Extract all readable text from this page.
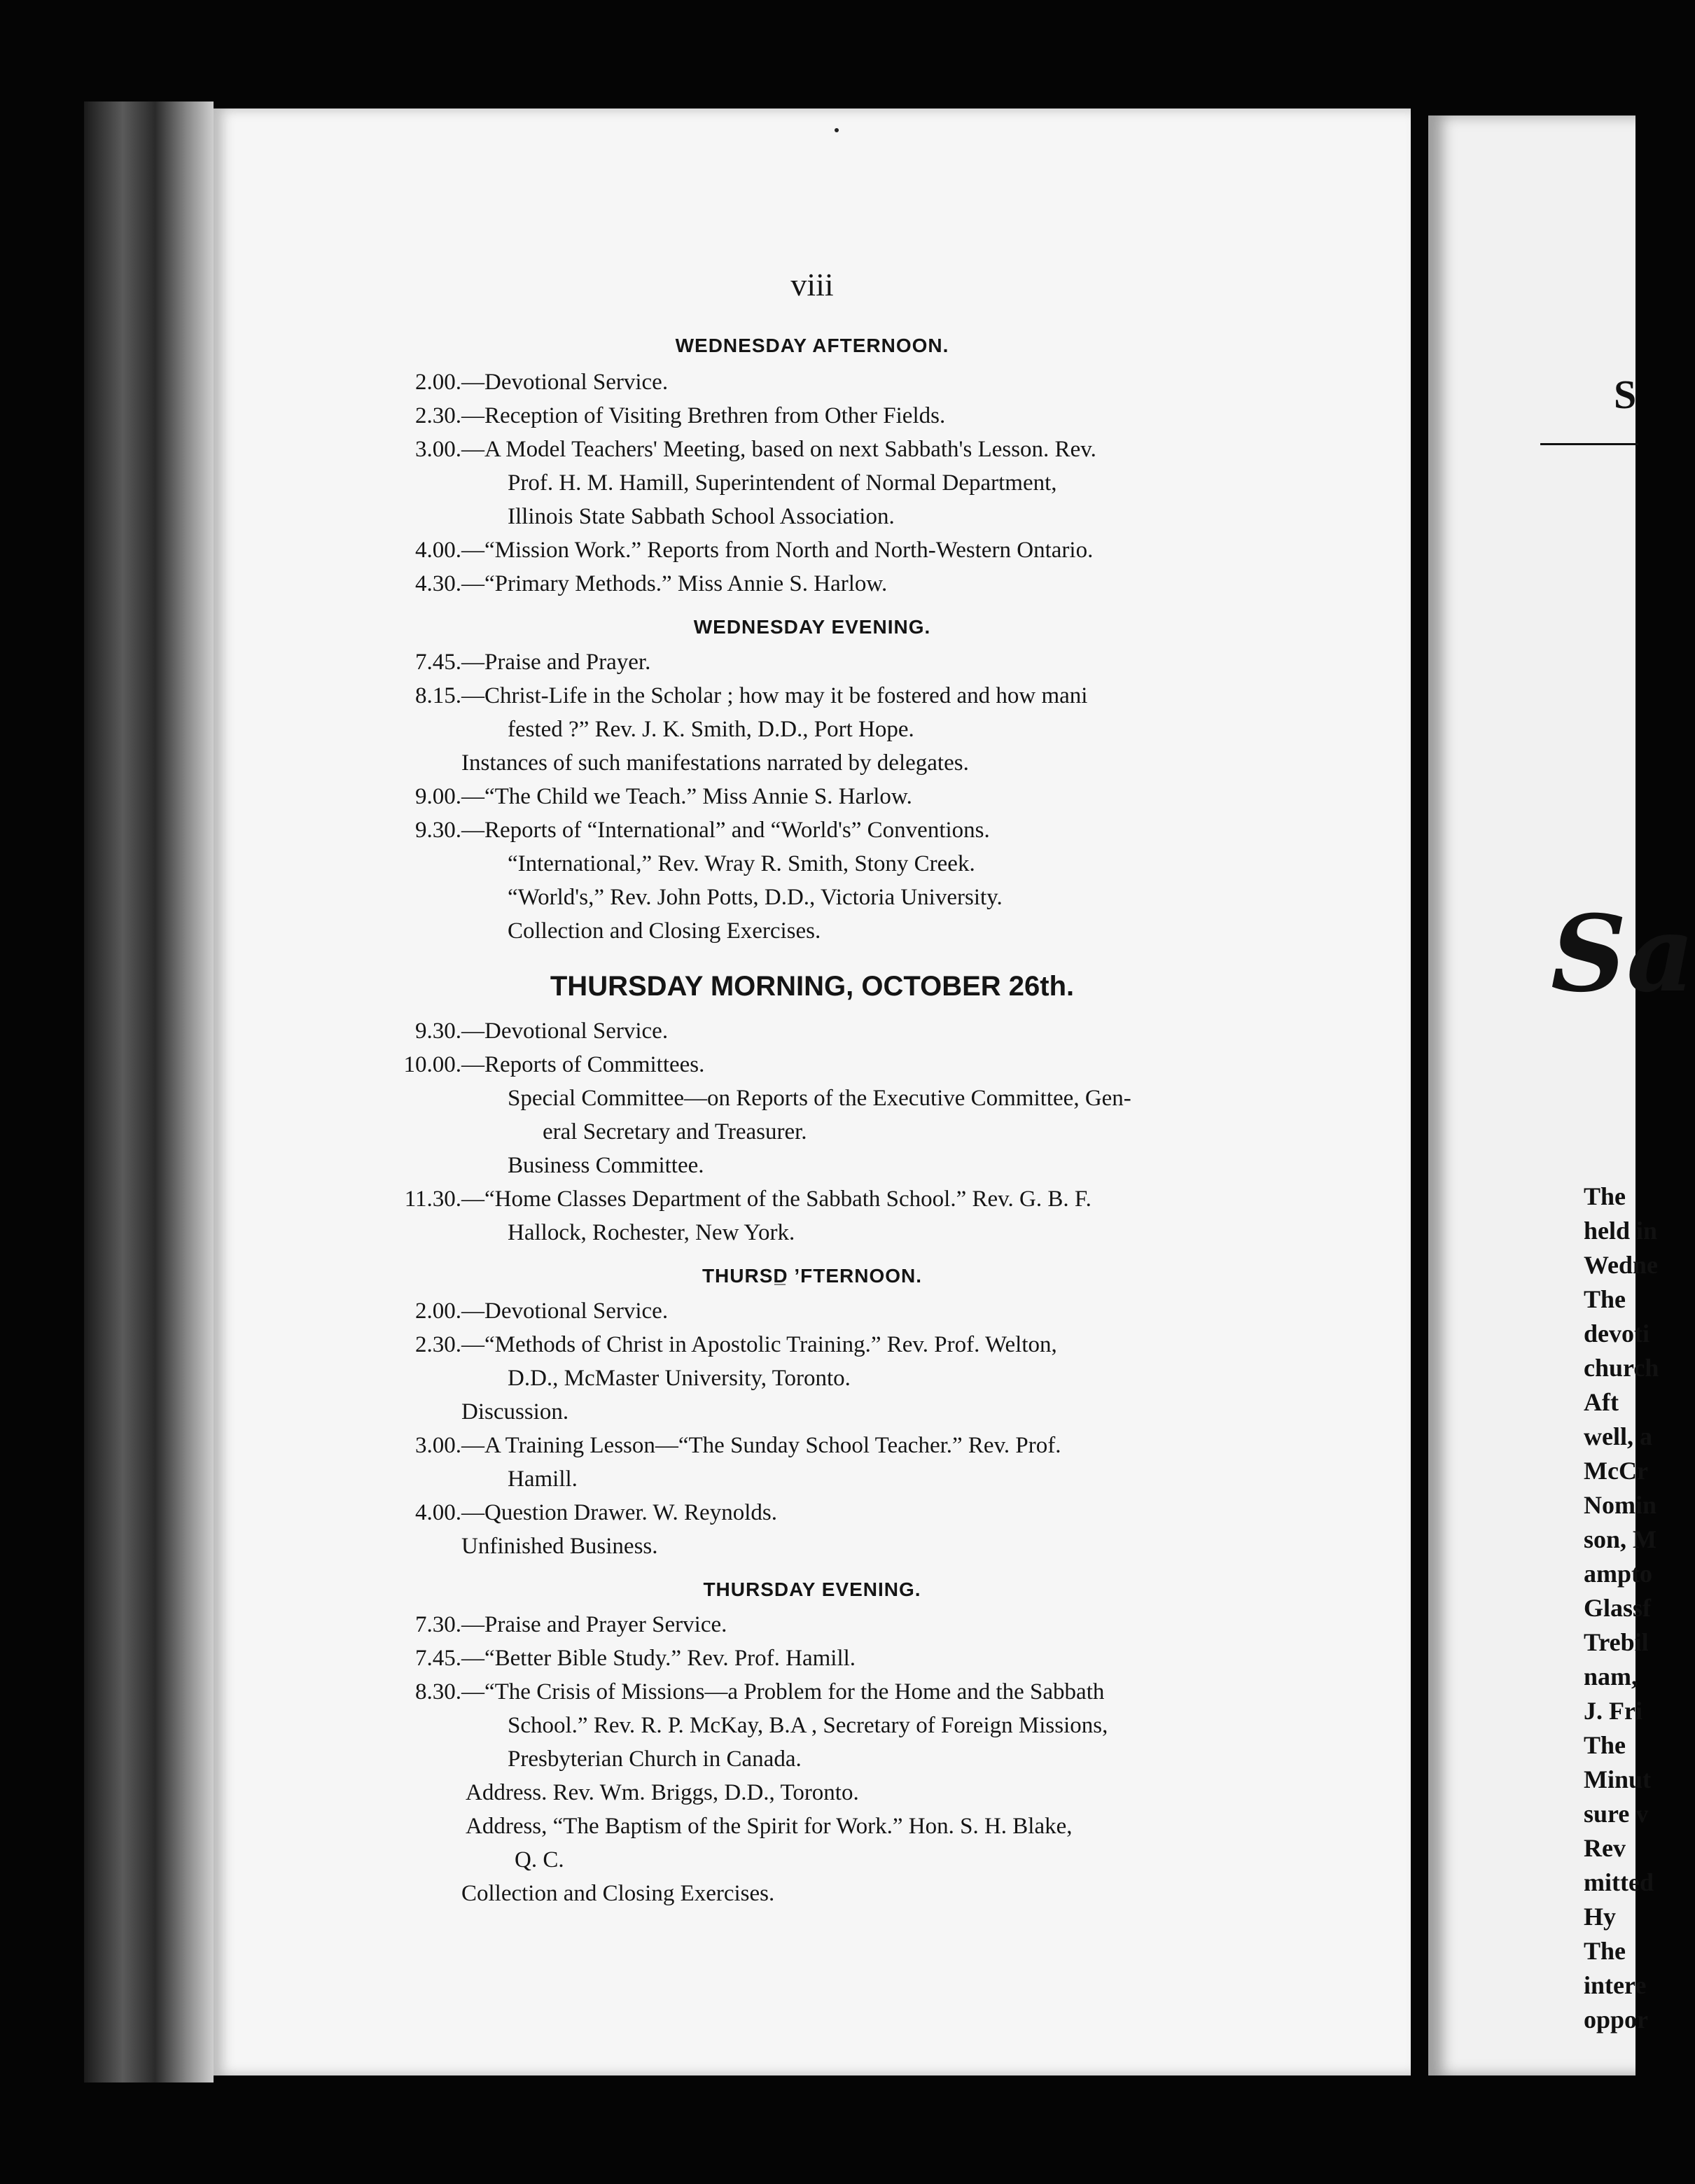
S
Sa
The
held in
Wedne
The
devoti
church
Aft
well, a
McCr
Nomin
son, M
ampto
Glassf
Trebil
nam,
J. Fri
The
Minut
sure v
Rev
mitted
Hy
The
intere
oppor
viii
WEDNESDAY AFTERNOON.
2.00. —Devotional Service.
2.30. —Reception of Visiting Brethren from Other Fields.
3.00. —A Model Teachers' Meeting, based on next Sabbath's Lesson. Rev.
Prof. H. M. Hamill, Superintendent of Normal Department,
Illinois State Sabbath School Association.
4.00. —“Mission Work.” Reports from North and North-Western Ontario.
4.30. —“Primary Methods.” Miss Annie S. Harlow.
WEDNESDAY EVENING.
7.45. —Praise and Prayer.
8.15. —Christ-Life in the Scholar ; how may it be fostered and how mani
fested ?” Rev. J. K. Smith, D.D., Port Hope.
Instances of such manifestations narrated by delegates.
9.00. —“The Child we Teach.” Miss Annie S. Harlow.
9.30. —Reports of “International” and “World's” Conventions.
“International,” Rev. Wray R. Smith, Stony Creek.
“World's,” Rev. John Potts, D.D., Victoria University.
Collection and Closing Exercises.
THURSDAY MORNING, OCTOBER 26th.
9.30. —Devotional Service.
10.00. —Reports of Committees.
Special Committee—on Reports of the Executive Committee, Gen-
eral Secretary and Treasurer.
Business Committee.
11.30. —“Home Classes Department of the Sabbath School.” Rev. G. B. F.
Hallock, Rochester, New York.
THURSD̲ ’FTERNOON.
2.00. —Devotional Service.
2.30. —“Methods of Christ in Apostolic Training.” Rev. Prof. Welton,
D.D., McMaster University, Toronto.
Discussion.
3.00. —A Training Lesson—“The Sunday School Teacher.” Rev. Prof.
Hamill.
4.00. —Question Drawer. W. Reynolds.
Unfinished Business.
THURSDAY EVENING.
7.30. —Praise and Prayer Service.
7.45. —“Better Bible Study.” Rev. Prof. Hamill.
8.30. —“The Crisis of Missions—a Problem for the Home and the Sabbath
School.” Rev. R. P. McKay, B.A , Secretary of Foreign Missions,
Presbyterian Church in Canada.
Address. Rev. Wm. Briggs, D.D., Toronto.
Address, “The Baptism of the Spirit for Work.” Hon. S. H. Blake,
Q. C.
Collection and Closing Exercises.
